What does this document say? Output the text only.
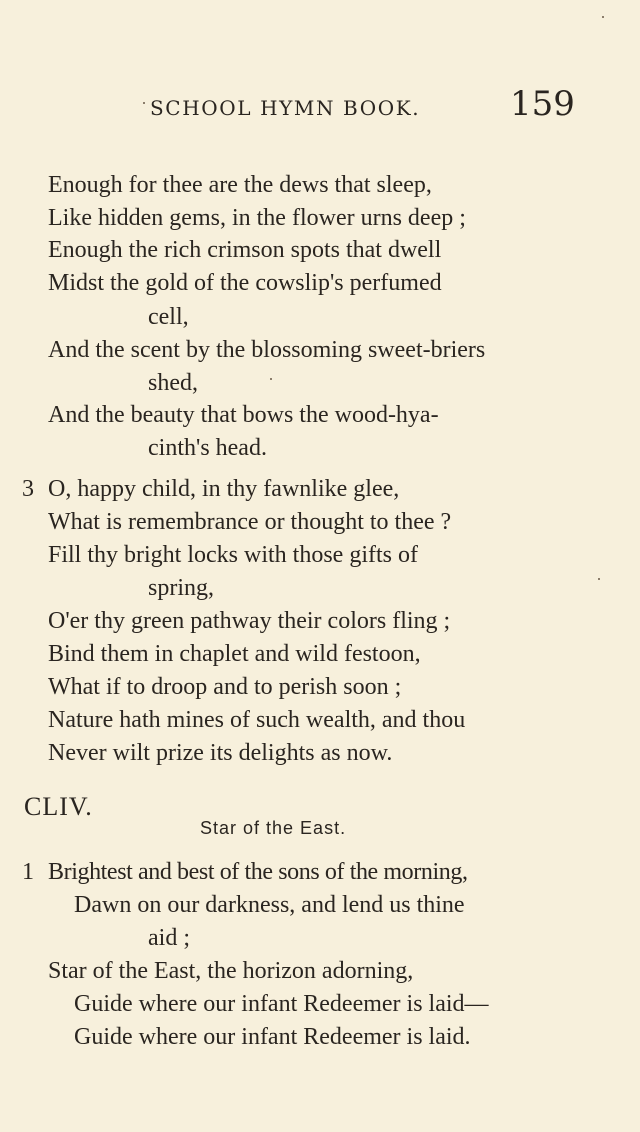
SCHOOL HYMN BOOK.	159
Enough for thee are the dews that sleep,
Like hidden gems, in the flower urns deep ;
Enough the rich crimson spots that dwell
Midst the gold of the cowslip's perfumed
cell,
And the scent by the blossoming sweet-briers
shed,
And the beauty that bows the wood-hya-
cinth's head.
3 O, happy child, in thy fawnlike glee,
What is remembrance or thought to thee ?
Fill thy bright locks with those gifts of
spring,
O'er thy green pathway their colors fling ;
Bind them in chaplet and wild festoon,
What if to droop and to perish soon ;
Nature hath mines of such wealth, and thou
Never wilt prize its delights as now.
CLIV.
Star of the East.
1 Brightest and best of the sons of the morning,
Dawn on our darkness, and lend us thine
aid ;
Star of the East, the horizon adorning,
Guide where our infant Redeemer is laid—
Guide where our infant Redeemer is laid.
